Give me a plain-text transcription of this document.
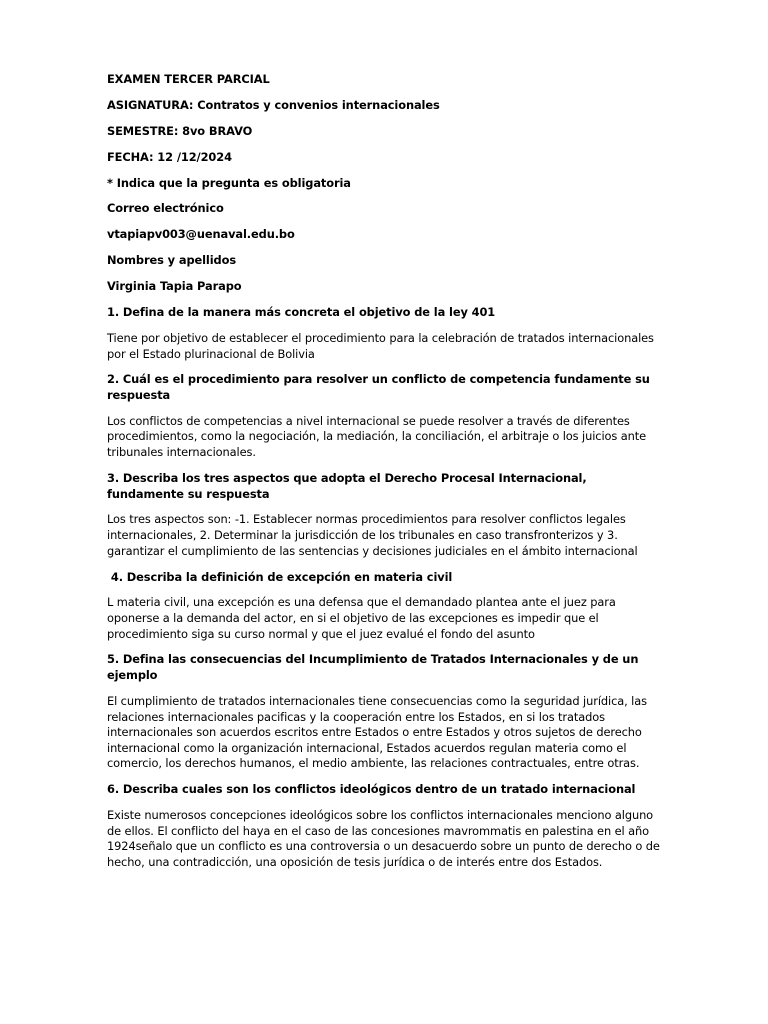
EXAMEN TERCER PARCIAL

ASIGNATURA: Contratos y convenios internacionales

SEMESTRE: 8vo BRAVO

FECHA: 12 /12/2024

* Indica que la pregunta es obligatoria

Correo electrónico

vtapiapv003@uenaval.edu.bo

Nombres y apellidos

Virginia Tapia Parapo

1. Defina de la manera más concreta el objetivo de la ley 401

Tiene por objetivo de establecer el procedimiento para la celebración de tratados internacionales por el Estado plurinacional de Bolivia

2. Cuál es el procedimiento para resolver un conflicto de competencia fundamente su respuesta

Los conflictos de competencias a nivel internacional se puede resolver a través de diferentes procedimientos, como la negociación, la mediación, la conciliación, el arbitraje o los juicios ante tribunales internacionales.

3. Describa los tres aspectos que adopta el Derecho Procesal Internacional, fundamente su respuesta

Los tres aspectos son: -1. Establecer normas procedimientos para resolver conflictos legales internacionales, 2. Determinar la jurisdicción de los tribunales en caso transfronterizos y 3. garantizar el cumplimiento de las sentencias y decisiones judiciales en el ámbito internacional

4. Describa la definición de excepción en materia civil

L materia civil, una excepción es una defensa que el demandado plantea ante el juez para oponerse a la demanda del actor, en si el objetivo de las excepciones es impedir que el procedimiento siga su curso normal y que el juez evalué el fondo del asunto

5. Defina las consecuencias del Incumplimiento de Tratados Internacionales y de un ejemplo

El cumplimiento de tratados internacionales tiene consecuencias como la seguridad jurídica, las relaciones internacionales pacificas y la cooperación entre los Estados, en si los tratados internacionales son acuerdos escritos entre Estados o entre Estados y otros sujetos de derecho internacional como la organización internacional, Estados acuerdos regulan materia como el comercio, los derechos humanos, el medio ambiente, las relaciones contractuales, entre otras.

6. Describa cuales son los conflictos ideológicos dentro de un tratado internacional

Existe numerosos concepciones ideológicos sobre los conflictos internacionales menciono alguno de ellos. El conflicto del haya en el caso de las concesiones mavrommatis en palestina en el año 1924señalo que un conflicto es una controversia o un desacuerdo sobre un punto de derecho o de hecho, una contradicción, una oposición de tesis jurídica o de interés entre dos Estados.
